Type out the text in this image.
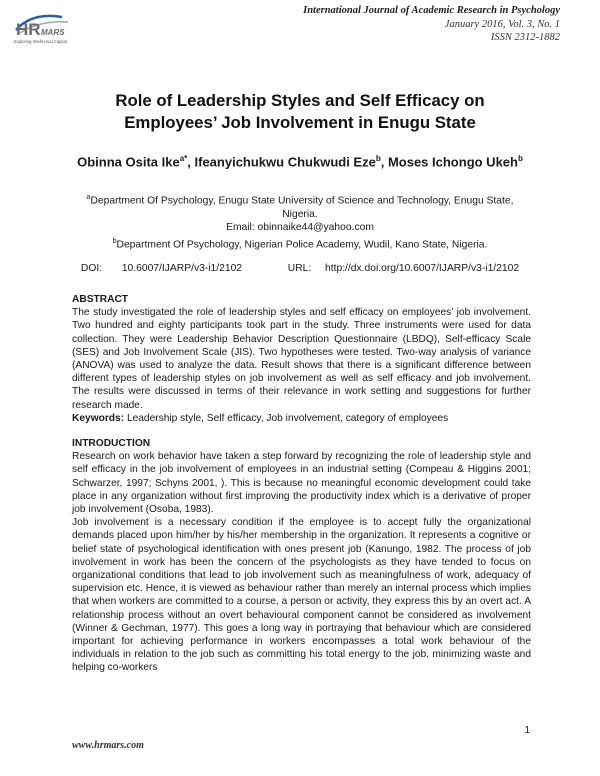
HR MARS
Exploring Intellectual Capital
International Journal of Academic Research in Psychology
January 2016, Vol. 3, No. 1
ISSN 2312-1882
Role of Leadership Styles and Self Efficacy on
Employees’ Job Involvement in Enugu State
Obinna Osita Ike$^{a*}$, Ifeanyichukwu Chukwudi Eze$^b$, Moses Ichongo Ukeh$^b$
$^a$Department Of Psychology, Enugu State University of Science and Technology, Enugu State,
Nigeria.
Email: obinnaike44@yahoo.com
$^b$Department Of Psychology, Nigerian Police Academy, Wudil, Kano State, Nigeria.
DOI: 10.6007/IJARP/v3-i1/2102	URL: http://dx.doi.org/10.6007/IJARP/v3-i1/2102

ABSTRACT

The study investigated the role of leadership styles and self efficacy on employees’ job involvement. Two hundred and eighty participants took part in the study. Three instruments were used for data collection. They were Leadership Behavior Description Questionnaire (LBDQ), Self-efficacy Scale (SES) and Job Involvement Scale (JIS). Two hypotheses were tested. Two-way analysis of variance (ANOVA) was used to analyze the data. Result shows that there is a significant difference between different types of leadership styles on job involvement as well as self efficacy and job involvement. The results were discussed in terms of their relevance in work setting and suggestions for further research made.

Keywords: Leadership style, Self efficacy, Job involvement, category of employees

INTRODUCTION

Research on work behavior have taken a step forward by recognizing the role of leadership style and self efficacy in the job involvement of employees in an industrial setting (Compeau & Higgins 2001; Schwarzer, 1997; Schyns 2001, ). This is because no meaningful economic development could take place in any organization without first improving the productivity index which is a derivative of proper job involvement (Osoba, 1983).

Job involvement is a necessary condition if the employee is to accept fully the organizational demands placed upon him/her by his/her membership in the organization. It represents a cognitive or belief state of psychological identification with ones present job (Kanungo, 1982. The process of job involvement in work has been the concern of the psychologists as they have tended to focus on organizational conditions that lead to job involvement such as meaningfulness of work, adequacy of supervision etc. Hence, it is viewed as behaviour rather than merely an internal process which implies that when workers are committed to a course, a person or activity, they express this by an overt act. A relationship process without an overt behavioural component cannot be considered as involvement (Winner & Gechman, 1977). This goes a long way in portraying that behaviour which are considered important for achieving performance in workers encompasses a total work behaviour of the individuals in relation to the job such as committing his total energy to the job, minimizing waste and helping co-workers

1
www.hrmars.com
